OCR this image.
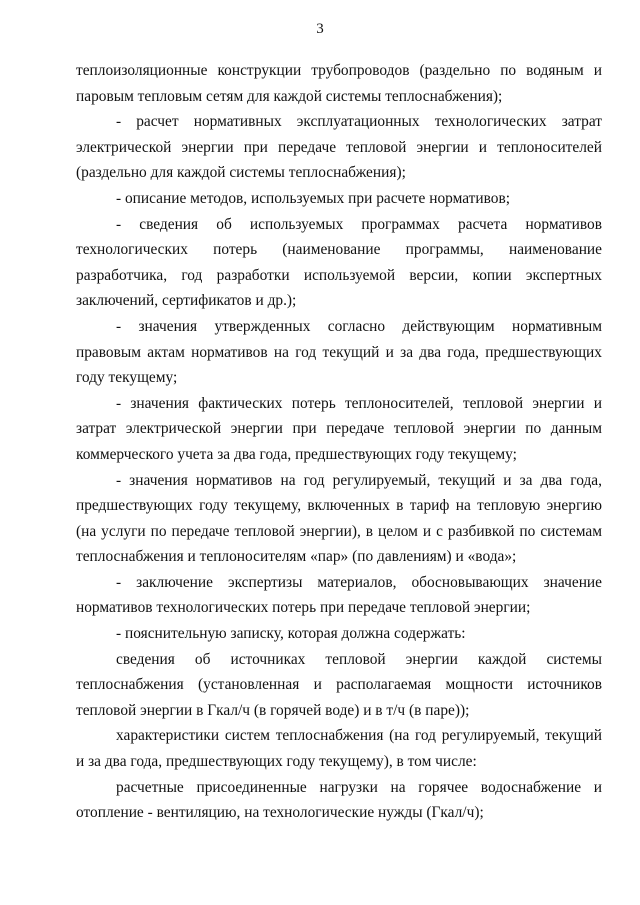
3

теплоизоляционные конструкции трубопроводов (раздельно по водяным и паровым тепловым сетям для каждой системы теплоснабжения);

- расчет нормативных эксплуатационных технологических затрат электрической энергии при передаче тепловой энергии и теплоносителей (раздельно для каждой системы теплоснабжения);

- описание методов, используемых при расчете нормативов;

- сведения об используемых программах расчета нормативов технологических потерь (наименование программы, наименование разработчика, год разработки используемой версии, копии экспертных заключений, сертификатов и др.);

- значения утвержденных согласно действующим нормативным правовым актам нормативов на год текущий и за два года, предшествующих году текущему;

- значения фактических потерь теплоносителей, тепловой энергии и затрат электрической энергии при передаче тепловой энергии по данным коммерческого учета за два года, предшествующих году текущему;

- значения нормативов на год регулируемый, текущий и за два года, предшествующих году текущему, включенных в тариф на тепловую энергию (на услуги по передаче тепловой энергии), в целом и с разбивкой по системам теплоснабжения и теплоносителям «пар» (по давлениям) и «вода»;

- заключение экспертизы материалов, обосновывающих значение нормативов технологических потерь при передаче тепловой энергии;

- пояснительную записку, которая должна содержать:

сведения об источниках тепловой энергии каждой системы теплоснабжения (установленная и располагаемая мощности источников тепловой энергии в Гкал/ч (в горячей воде) и в т/ч (в паре));

характеристики систем теплоснабжения (на год регулируемый, текущий и за два года, предшествующих году текущему), в том числе:

расчетные присоединенные нагрузки на горячее водоснабжение и отопление - вентиляцию, на технологические нужды (Гкал/ч);
